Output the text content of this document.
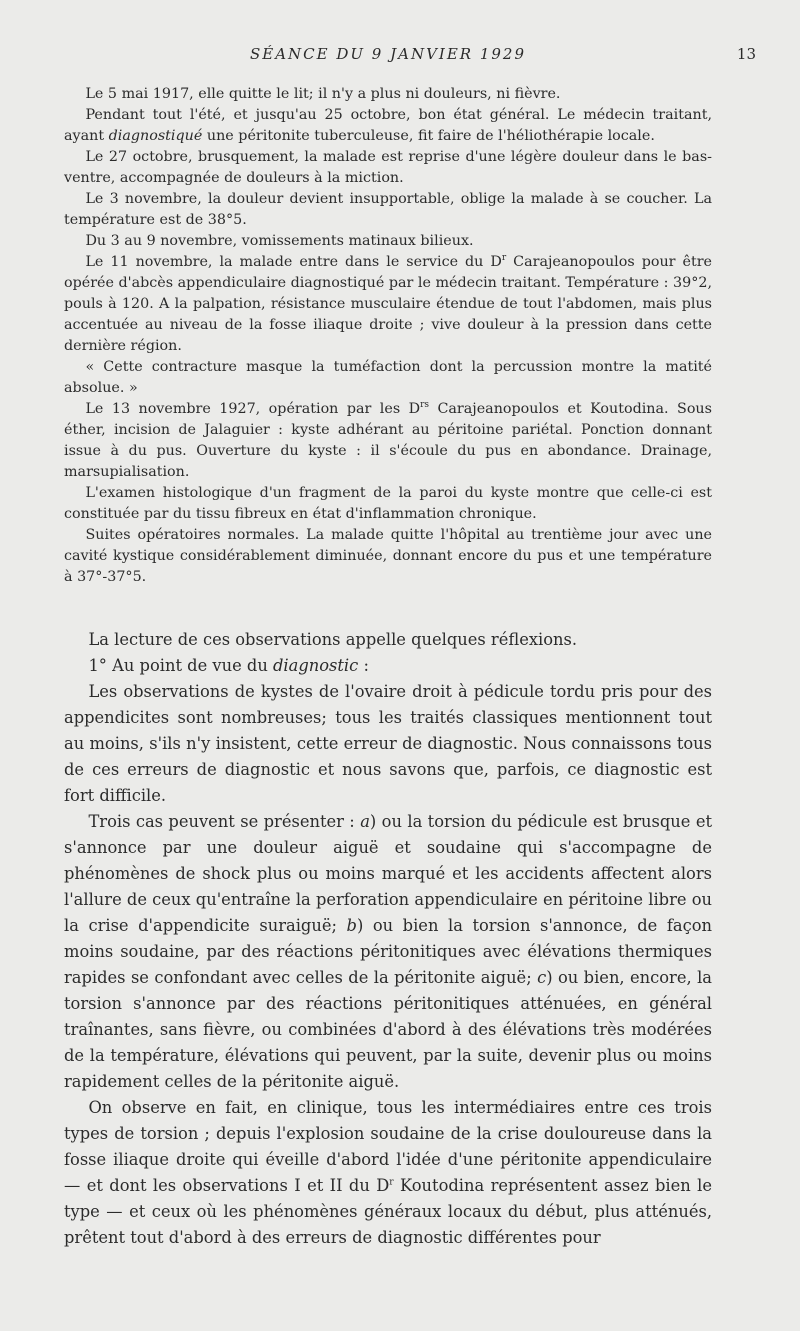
SÉANCE DU 9 JANVIER 1929	13

Le 5 mai 1917, elle quitte le lit; il n'y a plus ni douleurs, ni fièvre.

Pendant tout l'été, et jusqu'au 25 octobre, bon état général. Le médecin traitant, ayant diagnostiqué une péritonite tuberculeuse, fit faire de l'héliothérapie locale.

Le 27 octobre, brusquement, la malade est reprise d'une légère douleur dans le bas-ventre, accompagnée de douleurs à la miction.

Le 3 novembre, la douleur devient insupportable, oblige la malade à se coucher. La température est de 38°5.

Du 3 au 9 novembre, vomissements matinaux bilieux.

Le 11 novembre, la malade entre dans le service du $D^r$ Carajeanopoulos pour être opérée d'abcès appendiculaire diagnostiqué par le médecin traitant. Température : 39°2, pouls à 120. A la palpation, résistance musculaire étendue de tout l'abdomen, mais plus accentuée au niveau de la fosse iliaque droite ; vive douleur à la pression dans cette dernière région.

« Cette contracture masque la tuméfaction dont la percussion montre la matité absolue. »

Le 13 novembre 1927, opération par les $D^{rs}$ Carajeanopoulos et Koutodina. Sous éther, incision de Jalaguier : kyste adhérant au péritoine pariétal. Ponction donnant issue à du pus. Ouverture du kyste : il s'écoule du pus en abondance. Drainage, marsupialisation.

L'examen histologique d'un fragment de la paroi du kyste montre que celle-ci est constituée par du tissu fibreux en état d'inflammation chronique.

Suites opératoires normales. La malade quitte l'hôpital au trentième jour avec une cavité kystique considérablement diminuée, donnant encore du pus et une température à 37°-37°5.

La lecture de ces observations appelle quelques réflexions.

1° Au point de vue du diagnostic :

Les observations de kystes de l'ovaire droit à pédicule tordu pris pour des appendicites sont nombreuses; tous les traités classiques mentionnent tout au moins, s'ils n'y insistent, cette erreur de diagnostic. Nous connaissons tous de ces erreurs de diagnostic et nous savons que, parfois, ce diagnostic est fort difficile.

Trois cas peuvent se présenter : a) ou la torsion du pédicule est brusque et s'annonce par une douleur aiguë et soudaine qui s'accompagne de phénomènes de shock plus ou moins marqué et les accidents affectent alors l'allure de ceux qu'entraîne la perforation appendiculaire en péritoine libre ou la crise d'appendicite suraiguë; b) ou bien la torsion s'annonce, de façon moins soudaine, par des réactions péritonitiques avec élévations thermiques rapides se confondant avec celles de la péritonite aiguë; c) ou bien, encore, la torsion s'annonce par des réactions péritonitiques atténuées, en général traînantes, sans fièvre, ou combinées d'abord à des élévations très modérées de la température, élévations qui peuvent, par la suite, devenir plus ou moins rapidement celles de la péritonite aiguë.

On observe en fait, en clinique, tous les intermédiaires entre ces trois types de torsion ; depuis l'explosion soudaine de la crise douloureuse dans la fosse iliaque droite qui éveille d'abord l'idée d'une péritonite appendiculaire — et dont les observations I et II du $D^r$ Koutodina représentent assez bien le type — et ceux où les phénomènes généraux locaux du début, plus atténués, prêtent tout d'abord à des erreurs de diagnostic différentes pour
